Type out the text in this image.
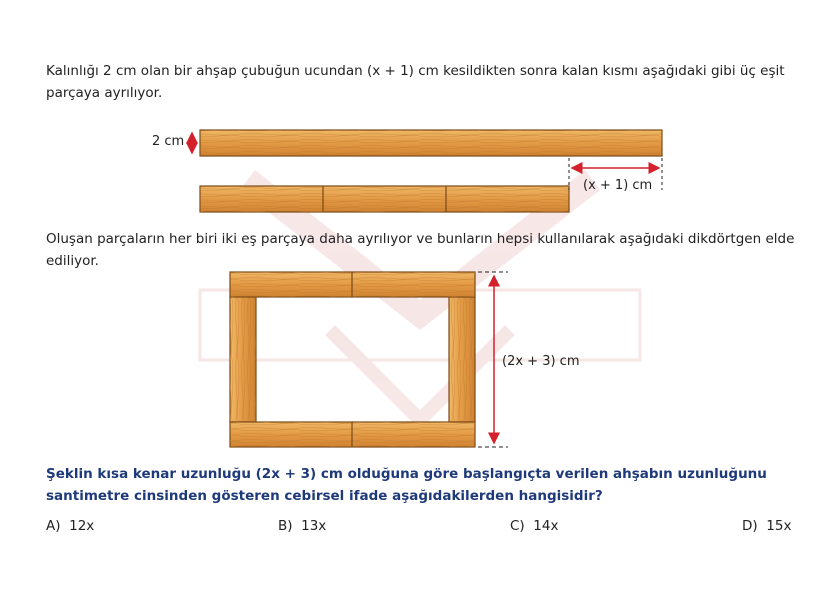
Kalınlığı 2 cm olan bir ahşap çubuğun ucundan (x + 1) cm kesildikten sonra kalan kısmı aşağıdaki gibi üç eşit parçaya ayrılıyor.
2 cm
(x + 1) cm
Oluşan parçaların her biri iki eş parçaya daha ayrılıyor ve bunların hepsi kullanılarak aşağıdaki dikdörtgen elde ediliyor.
(2x + 3) cm
Şeklin kısa kenar uzunluğu (2x + 3) cm olduğuna göre başlangıçta verilen ahşabın uzunluğunu santimetre cinsinden gösteren cebirsel ifade aşağıdakilerden hangisidir?
A) 12x	B) 13x	C) 14x	D) 15x
